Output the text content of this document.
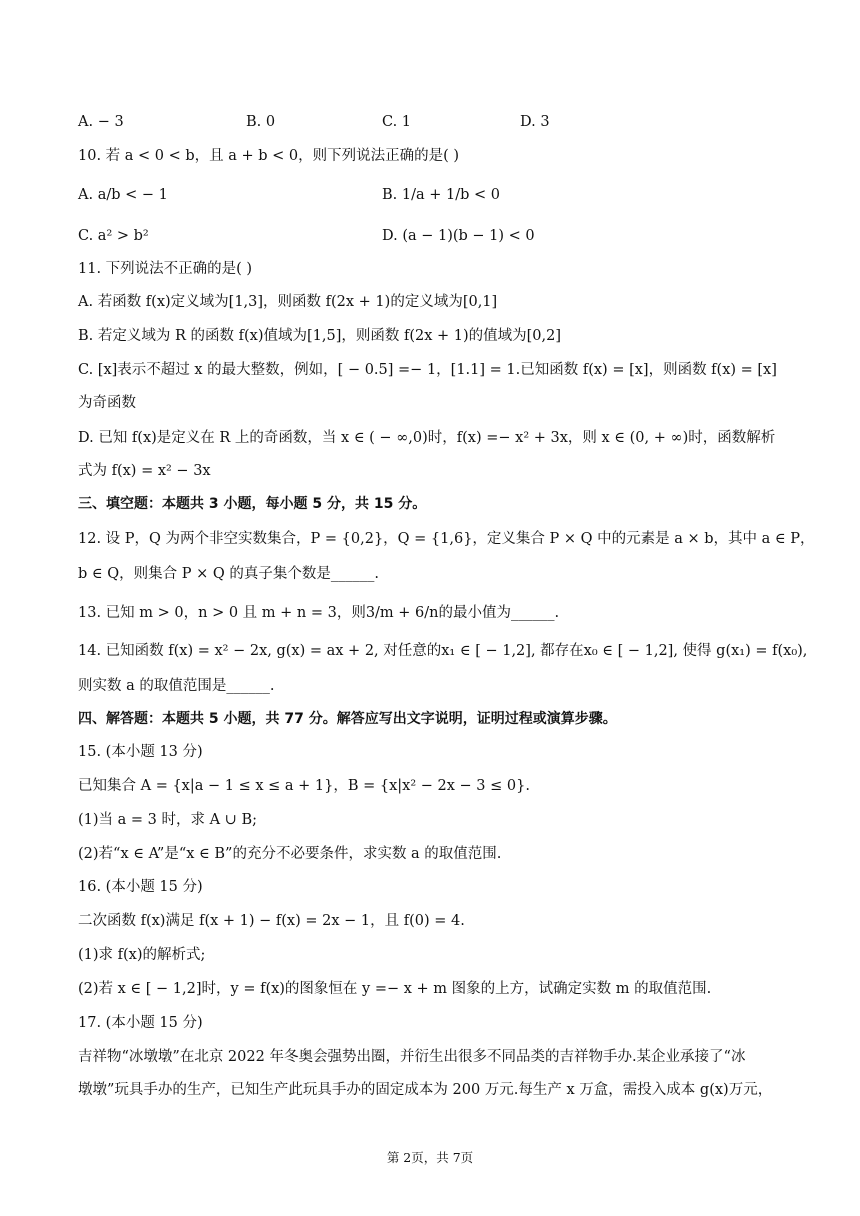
A. − 3	B. 0	C. 1	D. 3
10. 若 a < 0 < b，且 a + b < 0，则下列说法正确的是( )
A. a/b < − 1	B. 1/a + 1/b < 0
C. a² > b²	D. (a − 1)(b − 1) < 0
11. 下列说法不正确的是( )
A. 若函数 f(x)定义域为[1,3]，则函数 f(2x + 1)的定义域为[0,1]
B. 若定义域为 R 的函数 f(x)值域为[1,5]，则函数 f(2x + 1)的值域为[0,2]
C. [x]表示不超过 x 的最大整数，例如，[ − 0.5] =− 1，[1.1] = 1.已知函数 f(x) = [x]，则函数 f(x) = [x]
为奇函数
D. 已知 f(x)是定义在 R 上的奇函数，当 x ∈ ( − ∞,0)时，f(x) =− x² + 3x，则 x ∈ (0, + ∞)时，函数解析
式为 f(x) = x² − 3x
三、填空题：本题共 3 小题，每小题 5 分，共 15 分。
12. 设 P，Q 为两个非空实数集合，P = {0,2}，Q = {1,6}，定义集合 P × Q 中的元素是 a × b，其中 a ∈ P，
b ∈ Q，则集合 P × Q 的真子集个数是______.
13. 已知 m > 0，n > 0 且 m + n = 3，则3/m + 6/n的最小值为______.
14. 已知函数 f(x) = x² − 2x, g(x) = ax + 2, 对任意的x₁ ∈ [ − 1,2], 都存在x₀ ∈ [ − 1,2], 使得 g(x₁) = f(x₀),
则实数 a 的取值范围是______.
四、解答题：本题共 5 小题，共 77 分。解答应写出文字说明，证明过程或演算步骤。
15. (本小题 13 分)
已知集合 A = {x|a − 1 ≤ x ≤ a + 1}，B = {x|x² − 2x − 3 ≤ 0}.
(1)当 a = 3 时，求 A ∪ B;
(2)若“x ∈ A”是“x ∈ B”的充分不必要条件，求实数 a 的取值范围.
16. (本小题 15 分)
二次函数 f(x)满足 f(x + 1) − f(x) = 2x − 1，且 f(0) = 4.
(1)求 f(x)的解析式;
(2)若 x ∈ [ − 1,2]时，y = f(x)的图象恒在 y =− x + m 图象的上方，试确定实数 m 的取值范围.
17. (本小题 15 分)
吉祥物“冰墩墩”在北京 2022 年冬奥会强势出圈，并衍生出很多不同品类的吉祥物手办.某企业承接了“冰
墩墩”玩具手办的生产，已知生产此玩具手办的固定成本为 200 万元.每生产 x 万盒，需投入成本 g(x)万元，
第 2页，共 7页
